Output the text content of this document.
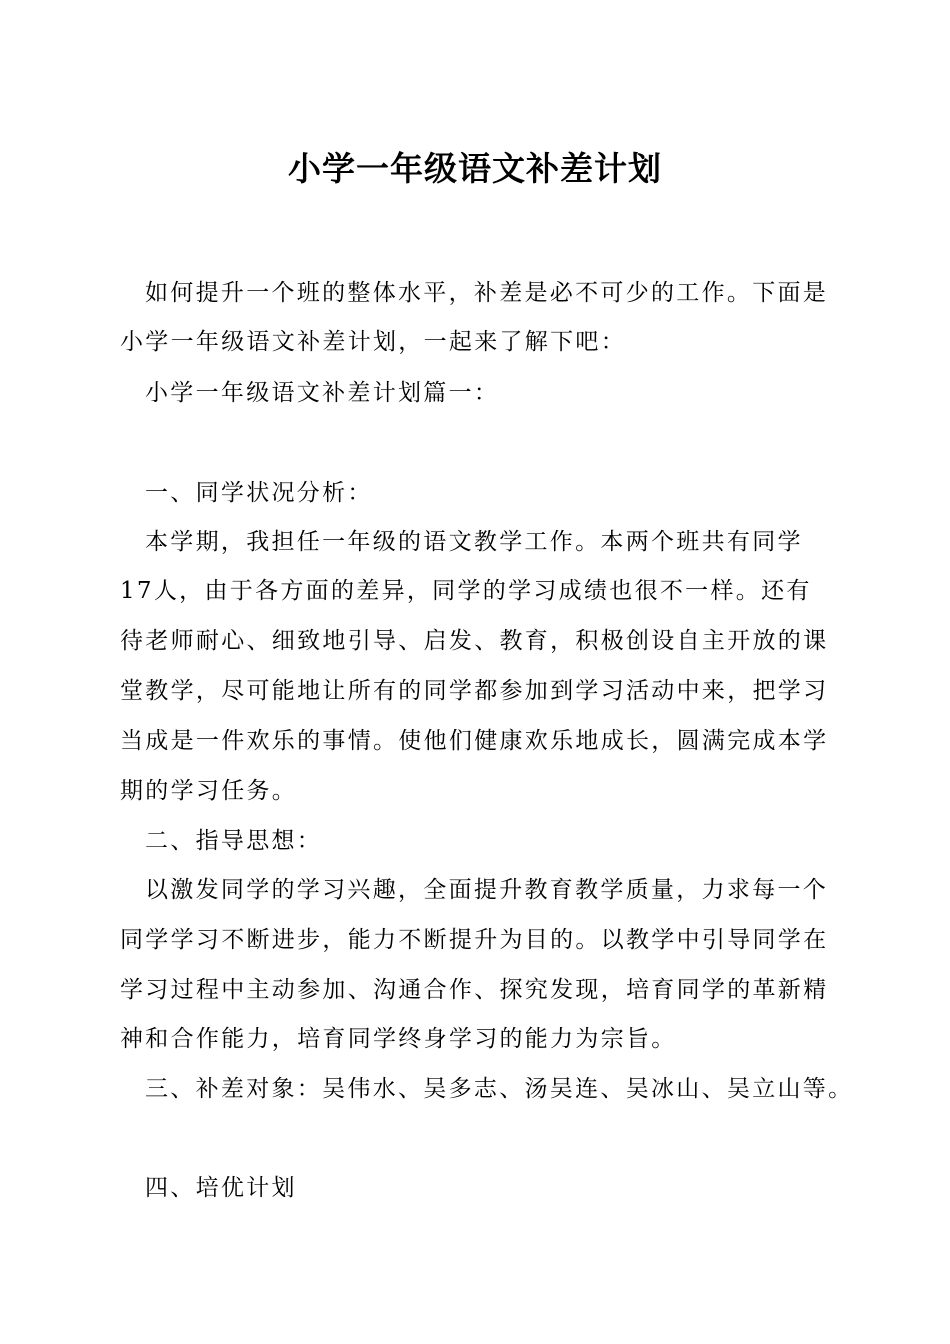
小学一年级语文补差计划
如何提升一个班的整体水平，补差是必不可少的工作。下面是
小学一年级语文补差计划，一起来了解下吧：
小学一年级语文补差计划篇一：
一、同学状况分析：
本学期，我担任一年级的语文教学工作。本两个班共有同学
17人，由于各方面的差异，同学的学习成绩也很不一样。还有
待老师耐心、细致地引导、启发、教育，积极创设自主开放的课
堂教学，尽可能地让所有的同学都参加到学习活动中来，把学习
当成是一件欢乐的事情。使他们健康欢乐地成长，圆满完成本学
期的学习任务。
二、指导思想：
以激发同学的学习兴趣，全面提升教育教学质量，力求每一个
同学学习不断进步，能力不断提升为目的。以教学中引导同学在
学习过程中主动参加、沟通合作、探究发现，培育同学的革新精
神和合作能力，培育同学终身学习的能力为宗旨。
三、补差对象：吴伟水、吴多志、汤吴连、吴冰山、吴立山等。
四、培优计划
